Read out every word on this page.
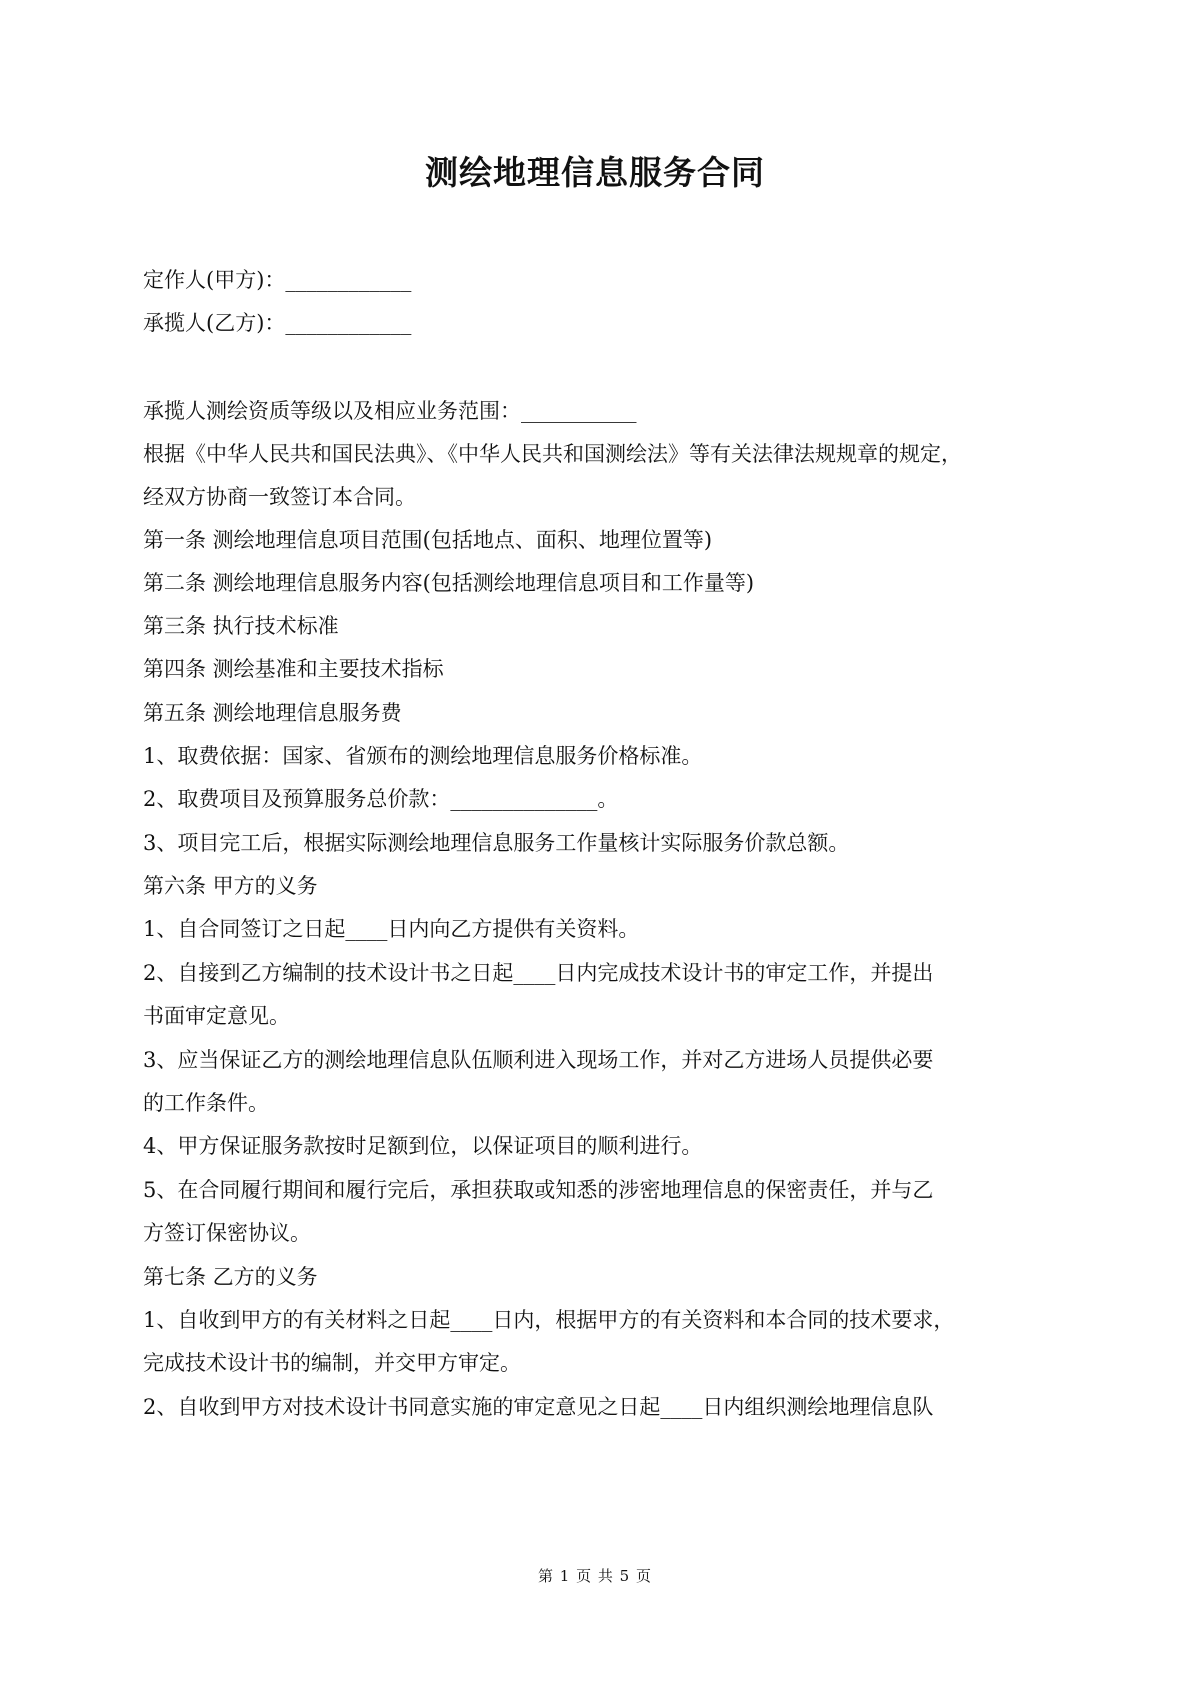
测绘地理信息服务合同
定作人(甲方)：____________
承揽人(乙方)：____________
承揽人测绘资质等级以及相应业务范围：___________
根据《中华人民共和国民法典》、《中华人民共和国测绘法》等有关法律法规规章的规定，
经双方协商一致签订本合同。
第一条 测绘地理信息项目范围(包括地点、面积、地理位置等)
第二条 测绘地理信息服务内容(包括测绘地理信息项目和工作量等)
第三条 执行技术标准
第四条 测绘基准和主要技术指标
第五条 测绘地理信息服务费
1、取费依据：国家、省颁布的测绘地理信息服务价格标准。
2、取费项目及预算服务总价款：______________。
3、项目完工后，根据实际测绘地理信息服务工作量核计实际服务价款总额。
第六条 甲方的义务
1、自合同签订之日起____日内向乙方提供有关资料。
2、自接到乙方编制的技术设计书之日起____日内完成技术设计书的审定工作，并提出
书面审定意见。
3、应当保证乙方的测绘地理信息队伍顺利进入现场工作，并对乙方进场人员提供必要
的工作条件。
4、甲方保证服务款按时足额到位，以保证项目的顺利进行。
5、在合同履行期间和履行完后，承担获取或知悉的涉密地理信息的保密责任，并与乙
方签订保密协议。
第七条 乙方的义务
1、自收到甲方的有关材料之日起____日内，根据甲方的有关资料和本合同的技术要求，
完成技术设计书的编制，并交甲方审定。
2、自收到甲方对技术设计书同意实施的审定意见之日起____日内组织测绘地理信息队
第 1 页 共 5 页
